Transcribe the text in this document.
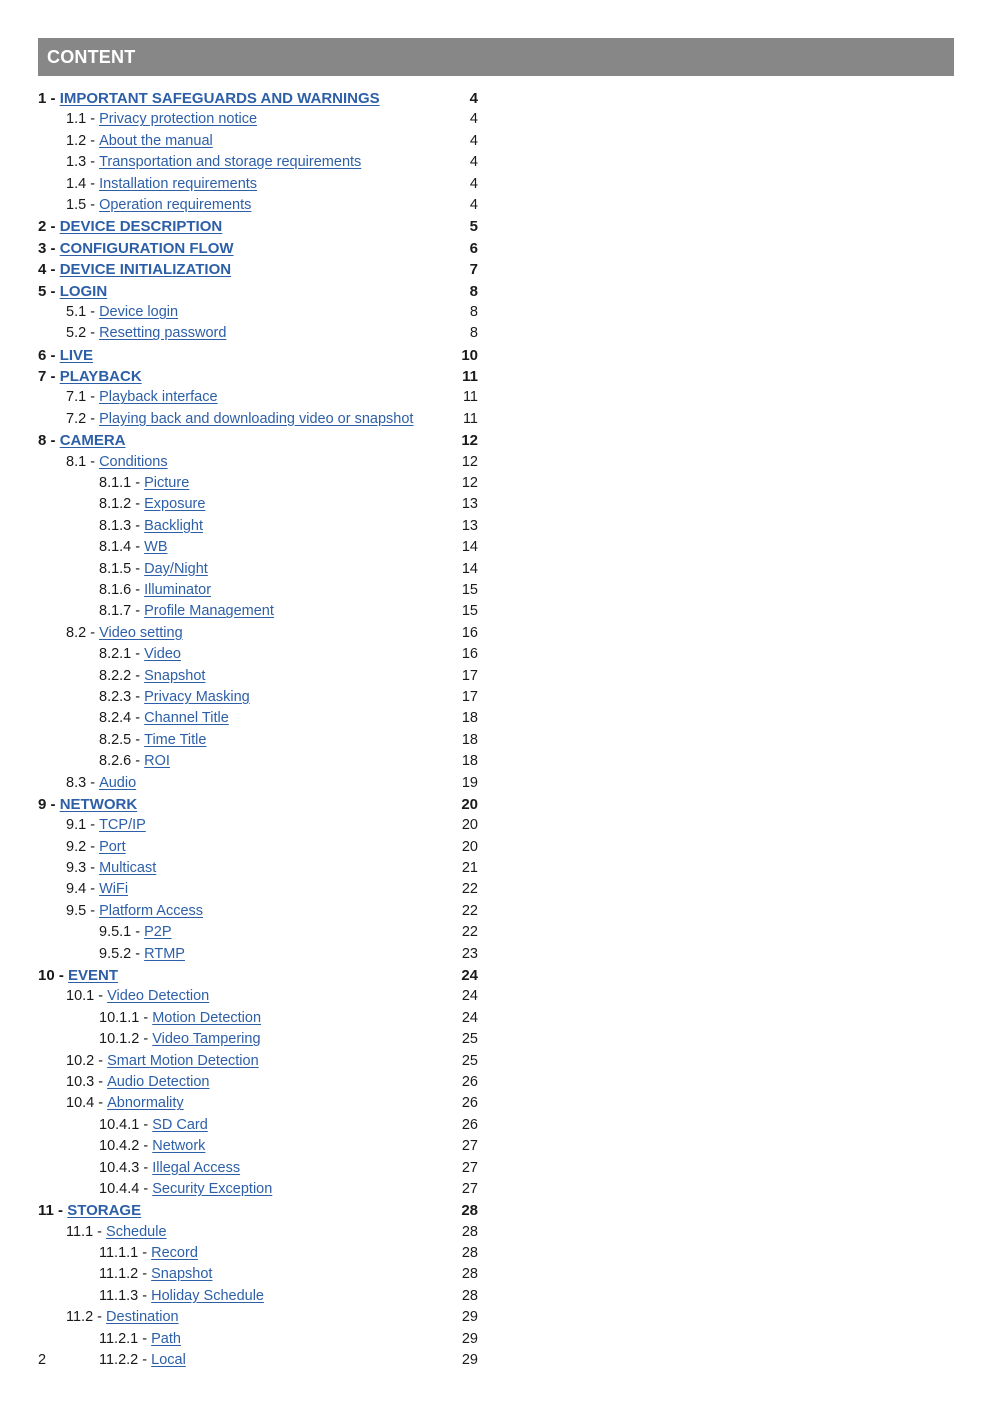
CONTENT
1 - IMPORTANT SAFEGUARDS AND WARNINGS	4
1.1 - Privacy protection notice	4
1.2 - About the manual	4
1.3 - Transportation and storage requirements	4
1.4 - Installation requirements	4
1.5 - Operation requirements	4
2 - DEVICE DESCRIPTION	5
3 - CONFIGURATION FLOW	6
4 - DEVICE INITIALIZATION	7
5 - LOGIN	8
5.1 - Device login	8
5.2 - Resetting password	8
6 - LIVE	10
7 - PLAYBACK	11
7.1 - Playback interface	11
7.2 - Playing back and downloading video or snapshot	11
8 - CAMERA	12
8.1 - Conditions	12
8.1.1 - Picture	12
8.1.2 - Exposure	13
8.1.3 - Backlight	13
8.1.4 - WB	14
8.1.5 - Day/Night	14
8.1.6 - Illuminator	15
8.1.7 - Profile Management	15
8.2 - Video setting	16
8.2.1 - Video	16
8.2.2 - Snapshot	17
8.2.3 - Privacy Masking	17
8.2.4 - Channel Title	18
8.2.5 - Time Title	18
8.2.6 - ROI	18
8.3 - Audio	19
9 - NETWORK	20
9.1 - TCP/IP	20
9.2 - Port	20
9.3 - Multicast	21
9.4 - WiFi	22
9.5 - Platform Access	22
9.5.1 - P2P	22
9.5.2 - RTMP	23
10 - EVENT	24
10.1 - Video Detection	24
10.1.1 - Motion Detection	24
10.1.2 - Video Tampering	25
10.2 - Smart Motion Detection	25
10.3 - Audio Detection	26
10.4 - Abnormality	26
10.4.1 - SD Card	26
10.4.2 - Network	27
10.4.3 - Illegal Access	27
10.4.4 - Security Exception	27
11 - STORAGE	28
11.1 - Schedule	28
11.1.1 - Record	28
11.1.2 - Snapshot	28
11.1.3 - Holiday Schedule	28
11.2 - Destination	29
11.2.1 - Path	29
11.2.2 - Local	29
2
